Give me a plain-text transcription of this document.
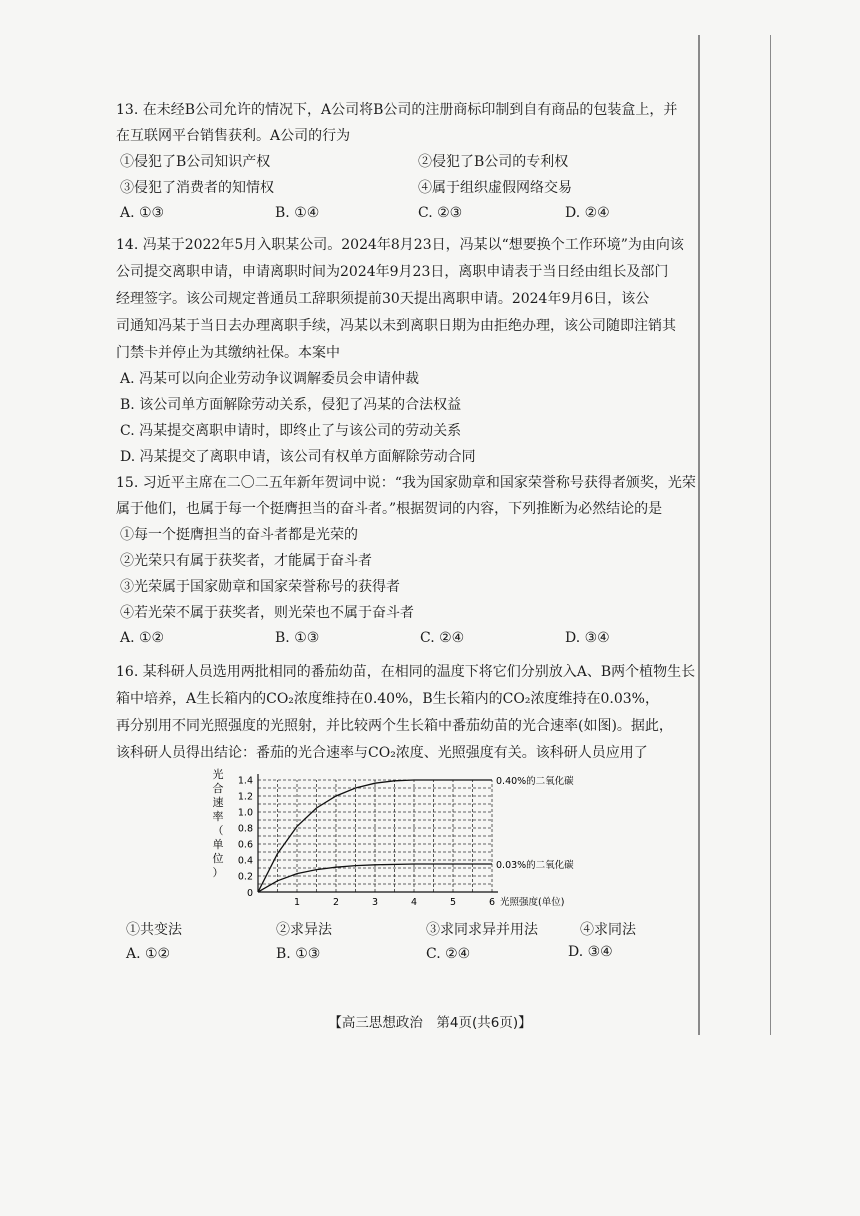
13. 在未经B公司允许的情况下，A公司将B公司的注册商标印制到自有商品的包装盒上，并
在互联网平台销售获利。A公司的行为
①侵犯了B公司知识产权	②侵犯了B公司的专利权
③侵犯了消费者的知情权	④属于组织虚假网络交易
A. ①③	B. ①④	C. ②③	D. ②④
14. 冯某于2022年5月入职某公司。2024年8月23日，冯某以“想要换个工作环境”为由向该
公司提交离职申请，申请离职时间为2024年9月23日，离职申请表于当日经由组长及部门
经理签字。该公司规定普通员工辞职须提前30天提出离职申请。2024年9月6日，该公
司通知冯某于当日去办理离职手续，冯某以未到离职日期为由拒绝办理，该公司随即注销其
门禁卡并停止为其缴纳社保。本案中
A. 冯某可以向企业劳动争议调解委员会申请仲裁
B. 该公司单方面解除劳动关系，侵犯了冯某的合法权益
C. 冯某提交离职申请时，即终止了与该公司的劳动关系
D. 冯某提交了离职申请，该公司有权单方面解除劳动合同
15. 习近平主席在二〇二五年新年贺词中说：“我为国家勋章和国家荣誉称号获得者颁奖，光荣
属于他们，也属于每一个挺膺担当的奋斗者。”根据贺词的内容，下列推断为必然结论的是
①每一个挺膺担当的奋斗者都是光荣的
②光荣只有属于获奖者，才能属于奋斗者
③光荣属于国家勋章和国家荣誉称号的获得者
④若光荣不属于获奖者，则光荣也不属于奋斗者
A. ①②	B. ①③	C. ②④	D. ③④
16. 某科研人员选用两批相同的番茄幼苗，在相同的温度下将它们分别放入A、B两个植物生长
箱中培养，A生长箱内的CO₂浓度维持在0.40%，B生长箱内的CO₂浓度维持在0.03%，
再分别用不同光照强度的光照射，并比较两个生长箱中番茄幼苗的光合速率(如图)。据此，
该科研人员得出结论：番茄的光合速率与CO₂浓度、光照强度有关。该科研人员应用了
1.4
1.2
1.0
0.8
0.6
0.4
0.2
0
1	2	3	4	5	6 光照强度(单位)
光
合
速
率
（
单
位
）
0.40%的二氧化碳
0.03%的二氧化碳
①共变法	②求异法	③求同求异并用法	④求同法
A. ①②	B. ①③	C. ②④	D. ③④
【高三思想政治　第4页(共6页)】
